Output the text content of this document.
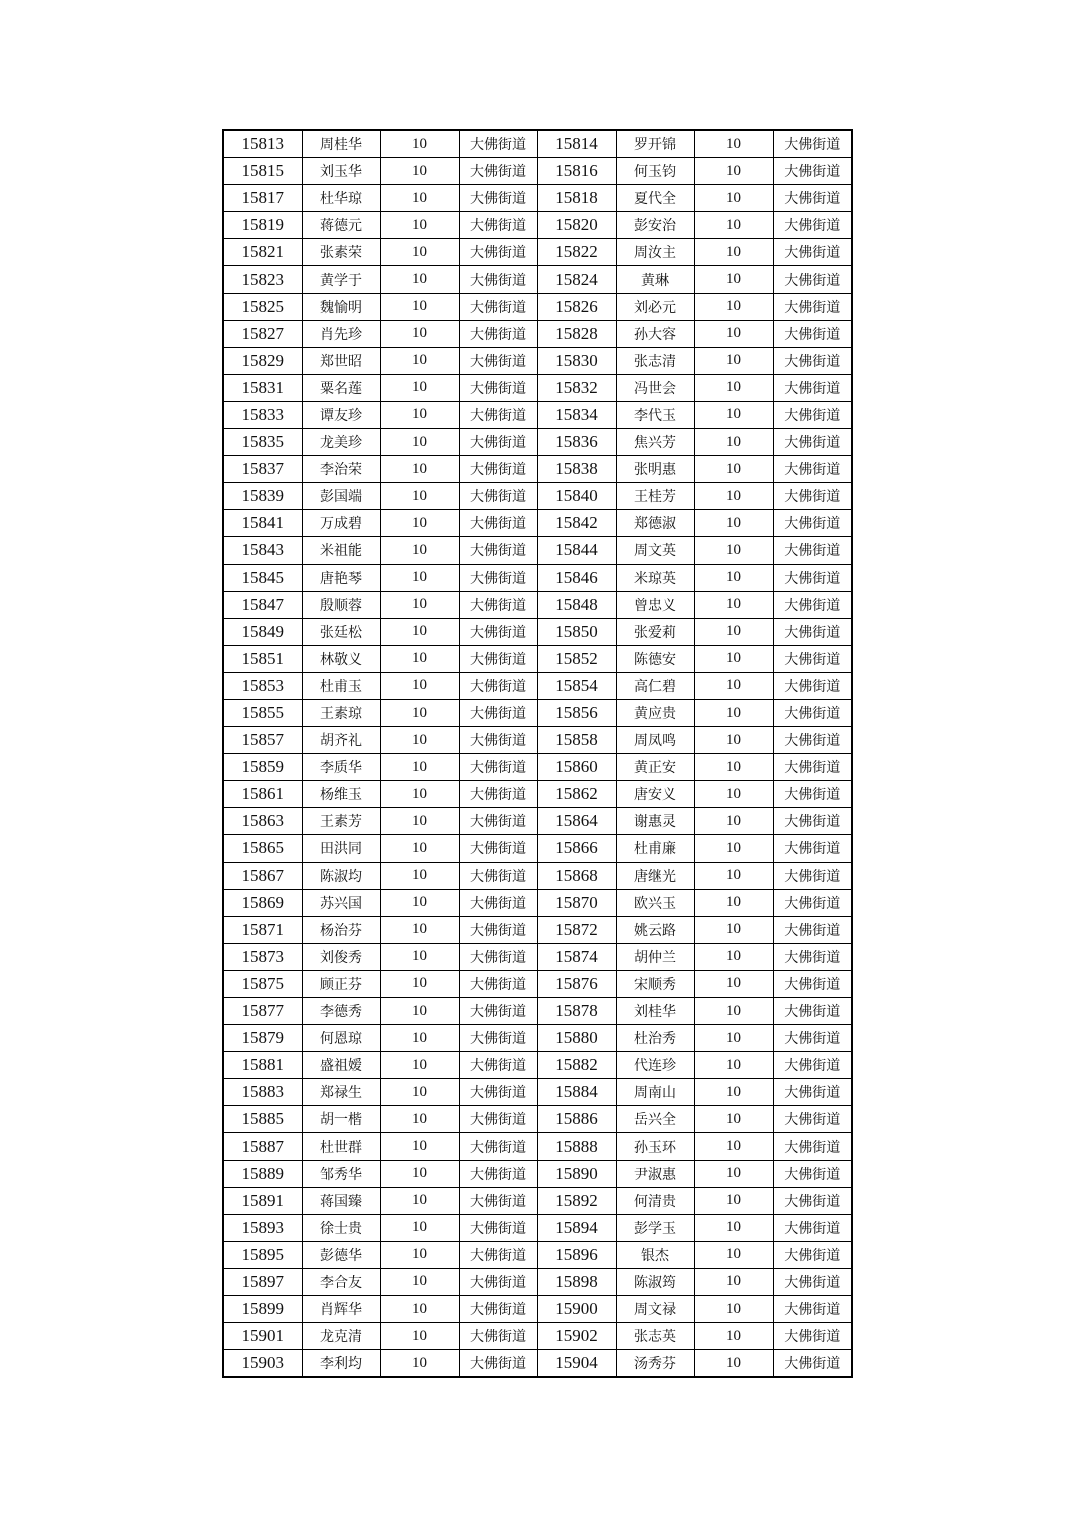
15813	周桂华	10	大佛街道	15814	罗开锦	10	大佛街道
15815	刘玉华	10	大佛街道	15816	何玉钧	10	大佛街道
15817	杜华琼	10	大佛街道	15818	夏代全	10	大佛街道
15819	蒋德元	10	大佛街道	15820	彭安治	10	大佛街道
15821	张素荣	10	大佛街道	15822	周汝主	10	大佛街道
15823	黄学于	10	大佛街道	15824	黄琳	10	大佛街道
15825	魏愉明	10	大佛街道	15826	刘必元	10	大佛街道
15827	肖先珍	10	大佛街道	15828	孙大容	10	大佛街道
15829	郑世昭	10	大佛街道	15830	张志清	10	大佛街道
15831	粟名莲	10	大佛街道	15832	冯世会	10	大佛街道
15833	谭友珍	10	大佛街道	15834	李代玉	10	大佛街道
15835	龙美珍	10	大佛街道	15836	焦兴芳	10	大佛街道
15837	李治荣	10	大佛街道	15838	张明惠	10	大佛街道
15839	彭国端	10	大佛街道	15840	王桂芳	10	大佛街道
15841	万成碧	10	大佛街道	15842	郑德淑	10	大佛街道
15843	米祖能	10	大佛街道	15844	周文英	10	大佛街道
15845	唐艳琴	10	大佛街道	15846	米琼英	10	大佛街道
15847	殷顺蓉	10	大佛街道	15848	曾忠义	10	大佛街道
15849	张廷松	10	大佛街道	15850	张爱莉	10	大佛街道
15851	林敬义	10	大佛街道	15852	陈德安	10	大佛街道
15853	杜甫玉	10	大佛街道	15854	高仁碧	10	大佛街道
15855	王素琼	10	大佛街道	15856	黄应贵	10	大佛街道
15857	胡齐礼	10	大佛街道	15858	周凤鸣	10	大佛街道
15859	李质华	10	大佛街道	15860	黄正安	10	大佛街道
15861	杨维玉	10	大佛街道	15862	唐安义	10	大佛街道
15863	王素芳	10	大佛街道	15864	谢惠灵	10	大佛街道
15865	田洪同	10	大佛街道	15866	杜甫廉	10	大佛街道
15867	陈淑均	10	大佛街道	15868	唐继光	10	大佛街道
15869	苏兴国	10	大佛街道	15870	欧兴玉	10	大佛街道
15871	杨治芬	10	大佛街道	15872	姚云路	10	大佛街道
15873	刘俊秀	10	大佛街道	15874	胡仲兰	10	大佛街道
15875	顾正芬	10	大佛街道	15876	宋顺秀	10	大佛街道
15877	李德秀	10	大佛街道	15878	刘桂华	10	大佛街道
15879	何恩琼	10	大佛街道	15880	杜治秀	10	大佛街道
15881	盛祖嫒	10	大佛街道	15882	代连珍	10	大佛街道
15883	郑禄生	10	大佛街道	15884	周南山	10	大佛街道
15885	胡一楷	10	大佛街道	15886	岳兴全	10	大佛街道
15887	杜世群	10	大佛街道	15888	孙玉环	10	大佛街道
15889	邹秀华	10	大佛街道	15890	尹淑惠	10	大佛街道
15891	蒋国臻	10	大佛街道	15892	何清贵	10	大佛街道
15893	徐士贵	10	大佛街道	15894	彭学玉	10	大佛街道
15895	彭德华	10	大佛街道	15896	银杰	10	大佛街道
15897	李合友	10	大佛街道	15898	陈淑筠	10	大佛街道
15899	肖辉华	10	大佛街道	15900	周文禄	10	大佛街道
15901	龙克清	10	大佛街道	15902	张志英	10	大佛街道
15903	李利均	10	大佛街道	15904	汤秀芬	10	大佛街道
